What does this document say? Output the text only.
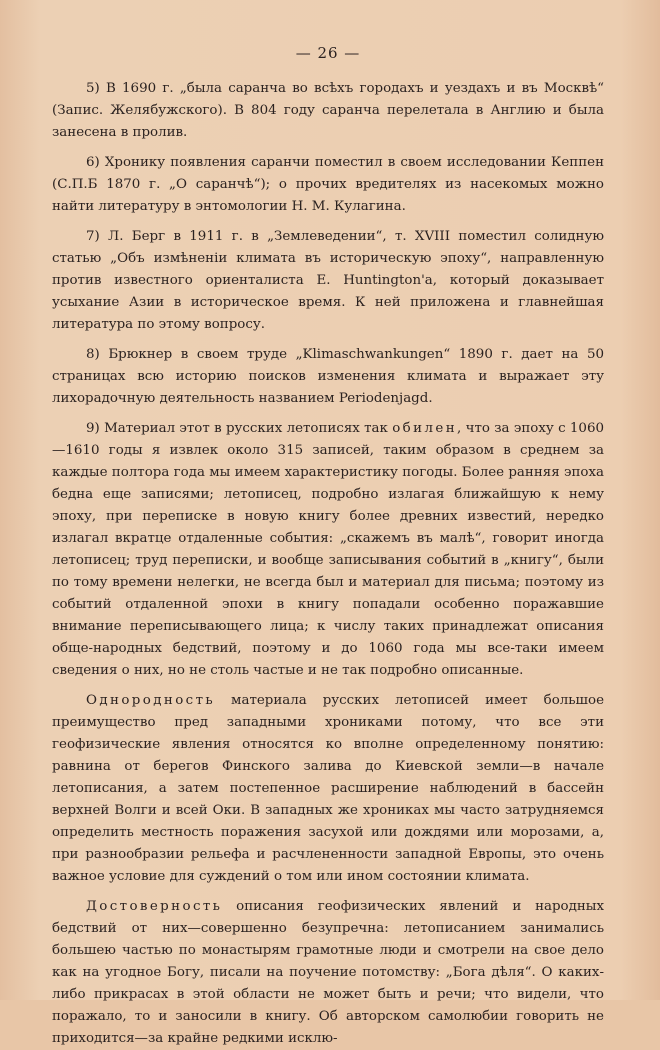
— 26 —

5) В 1690 г. „была саранча во всѣхъ городахъ и уездахъ и въ Москвѣ“ (Запис. Желябужского). В 804 году саранча перелетала в Англию и была занесена в пролив.

6) Хронику появления саранчи поместил в своем исследовании Кеппен (С.П.Б 1870 г. „О саранчѣ“); о прочих вредителях из насекомых можно найти литературу в энтомологии Н. М. Кулагина.

7) Л. Берг в 1911 г. в „Землеведении“, т. XVIII поместил солидную статью „Объ измѣненіи климата въ историческую эпоху“, направленную против известного ориенталиста Е. Huntington'а, который доказывает усыхание Азии в историческое время. К ней приложена и главнейшая литература по этому вопросу.

8) Брюкнер в своем труде „Klimaschwankungen“ 1890 г. дает на 50 страницах всю историю поисков изменения климата и выражает эту лихорадочную деятельность названием Periodenjagd.

9) Материал этот в русских летописях так обилен, что за эпоху с 1060—1610 годы я извлек около 315 записей, таким образом в среднем за каждые полтора года мы имеем характеристику погоды. Более ранняя эпоха бедна еще записями; летописец, подробно излагая ближайшую к нему эпоху, при переписке в новую книгу более древних известий, нередко излагал вкратце отдаленные события: „скажемъ въ малѣ“, говорит иногда летописец; труд переписки, и вообще записывания событий в „книгу“, были по тому времени нелегки, не всегда был и материал для письма; поэтому из событий отдаленной эпохи в книгу попадали особенно поражавшие внимание переписывающего лица; к числу таких принадлежат описания обще-народных бедствий, поэтому и до 1060 года мы все-таки имеем сведения о них, но не столь частые и не так подробно описанные.

Однородность материала русских летописей имеет большое преимущество пред западными хрониками потому, что все эти геофизические явления относятся ко вполне определенному понятию: равнина от берегов Финского залива до Киевской земли—в начале летописания, а затем постепенное расширение наблюдений в бассейн верхней Волги и всей Оки. В западных же хрониках мы часто затрудняемся определить местность поражения засухой или дождями или морозами, а, при разнообразии рельефа и расчлененности западной Европы, это очень важное условие для суждений о том или ином состоянии климата.

Достоверность описания геофизических явлений и народных бедствий от них—совершенно безупречна: летописанием занимались большею частью по монастырям грамотные люди и смотрели на свое дело как на угодное Богу, писали на поучение потомству: „Бога дѣля“. О каких-либо прикрасах в этой области не может быть и речи; что видели, что поражало, то и заносили в книгу. Об авторском самолюбии говорить не приходится—за крайне редкими исклю-
